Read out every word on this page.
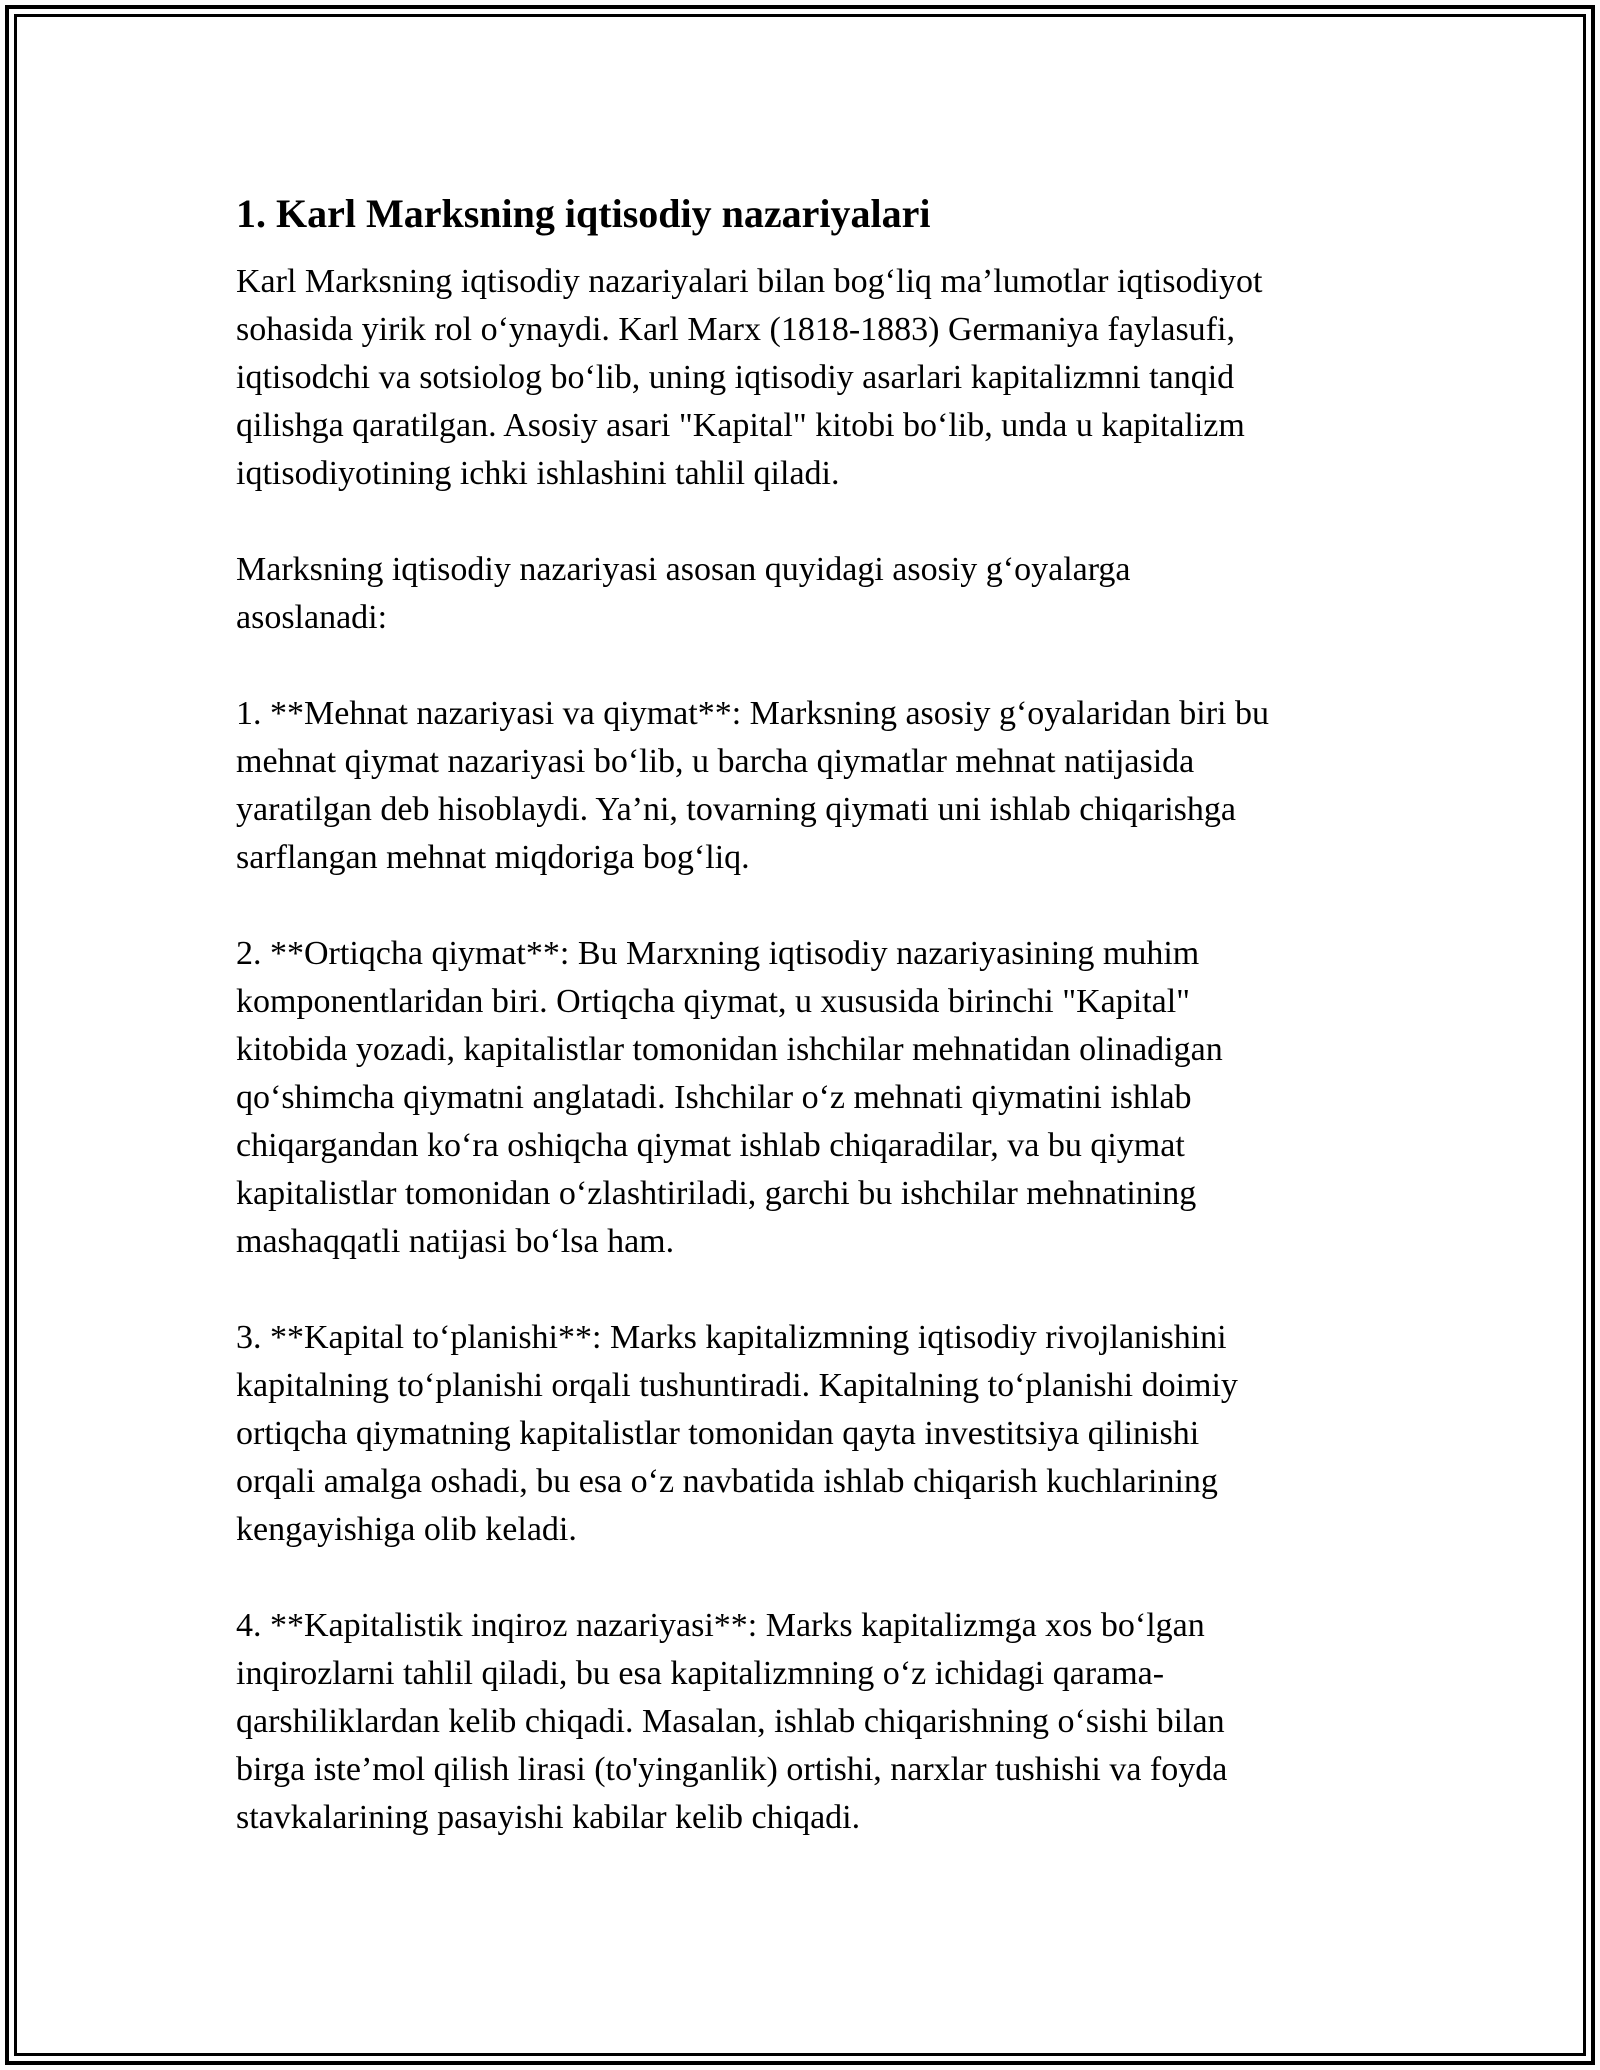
1. Karl Marksning iqtisodiy nazariyalari

Karl Marksning iqtisodiy nazariyalari bilan bog‘liq ma’lumotlar iqtisodiyot
sohasida yirik rol o‘ynaydi. Karl Marx (1818-1883) Germaniya faylasufi,
iqtisodchi va sotsiolog bo‘lib, uning iqtisodiy asarlari kapitalizmni tanqid
qilishga qaratilgan. Asosiy asari "Kapital" kitobi bo‘lib, unda u kapitalizm
iqtisodiyotining ichki ishlashini tahlil qiladi.

Marksning iqtisodiy nazariyasi asosan quyidagi asosiy g‘oyalarga
asoslanadi:

1. **Mehnat nazariyasi va qiymat**: Marksning asosiy g‘oyalaridan biri bu
mehnat qiymat nazariyasi bo‘lib, u barcha qiymatlar mehnat natijasida
yaratilgan deb hisoblaydi. Ya’ni, tovarning qiymati uni ishlab chiqarishga
sarflangan mehnat miqdoriga bog‘liq.

2. **Ortiqcha qiymat**: Bu Marxning iqtisodiy nazariyasining muhim
komponentlaridan biri. Ortiqcha qiymat, u xususida birinchi "Kapital"
kitobida yozadi, kapitalistlar tomonidan ishchilar mehnatidan olinadigan
qo‘shimcha qiymatni anglatadi. Ishchilar o‘z mehnati qiymatini ishlab
chiqargandan ko‘ra oshiqcha qiymat ishlab chiqaradilar, va bu qiymat
kapitalistlar tomonidan o‘zlashtiriladi, garchi bu ishchilar mehnatining
mashaqqatli natijasi bo‘lsa ham.

3. **Kapital to‘planishi**: Marks kapitalizmning iqtisodiy rivojlanishini
kapitalning to‘planishi orqali tushuntiradi. Kapitalning to‘planishi doimiy
ortiqcha qiymatning kapitalistlar tomonidan qayta investitsiya qilinishi
orqali amalga oshadi, bu esa o‘z navbatida ishlab chiqarish kuchlarining
kengayishiga olib keladi.

4. **Kapitalistik inqiroz nazariyasi**: Marks kapitalizmga xos bo‘lgan
inqirozlarni tahlil qiladi, bu esa kapitalizmning o‘z ichidagi qarama-
qarshiliklardan kelib chiqadi. Masalan, ishlab chiqarishning o‘sishi bilan
birga iste’mol qilish lirasi (to'yinganlik) ortishi, narxlar tushishi va foyda
stavkalarining pasayishi kabilar kelib chiqadi.
